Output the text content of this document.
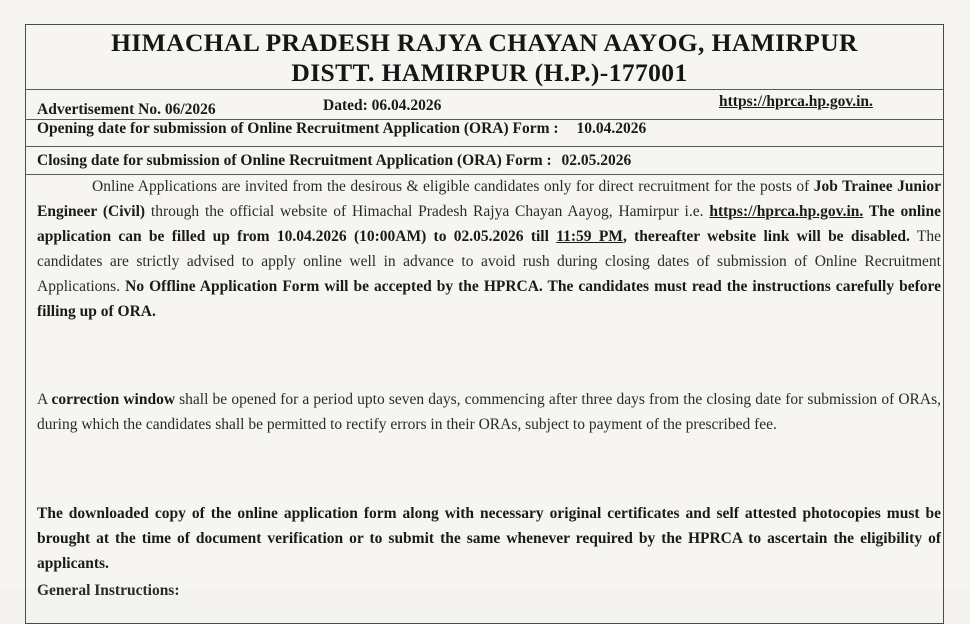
HIMACHAL PRADESH RAJYA CHAYAN AAYOG, HAMIRPUR
DISTT. HAMIRPUR (H.P.)-177001
Advertisement No. 06/2026	Dated: 06.04.2026	https://hprca.hp.gov.in.
Opening date for submission of Online Recruitment Application (ORA) Form : 10.04.2026
Closing date for submission of Online Recruitment Application (ORA) Form : 02.05.2026
Online Applications are invited from the desirous & eligible candidates only for direct recruitment for the posts of Job Trainee Junior Engineer (Civil) through the official website of Himachal Pradesh Rajya Chayan Aayog, Hamirpur i.e. https://hprca.hp.gov.in. The online application can be filled up from 10.04.2026 (10:00AM) to 02.05.2026 till 11:59 PM, thereafter website link will be disabled. The candidates are strictly advised to apply online well in advance to avoid rush during closing dates of submission of Online Recruitment Applications. No Offline Application Form will be accepted by the HPRCA. The candidates must read the instructions carefully before filling up of ORA.
A correction window shall be opened for a period upto seven days, commencing after three days from the closing date for submission of ORAs, during which the candidates shall be permitted to rectify errors in their ORAs, subject to payment of the prescribed fee.
The downloaded copy of the online application form along with necessary original certificates and self attested photocopies must be brought at the time of document verification or to submit the same whenever required by the HPRCA to ascertain the eligibility of applicants.
General Instructions:
